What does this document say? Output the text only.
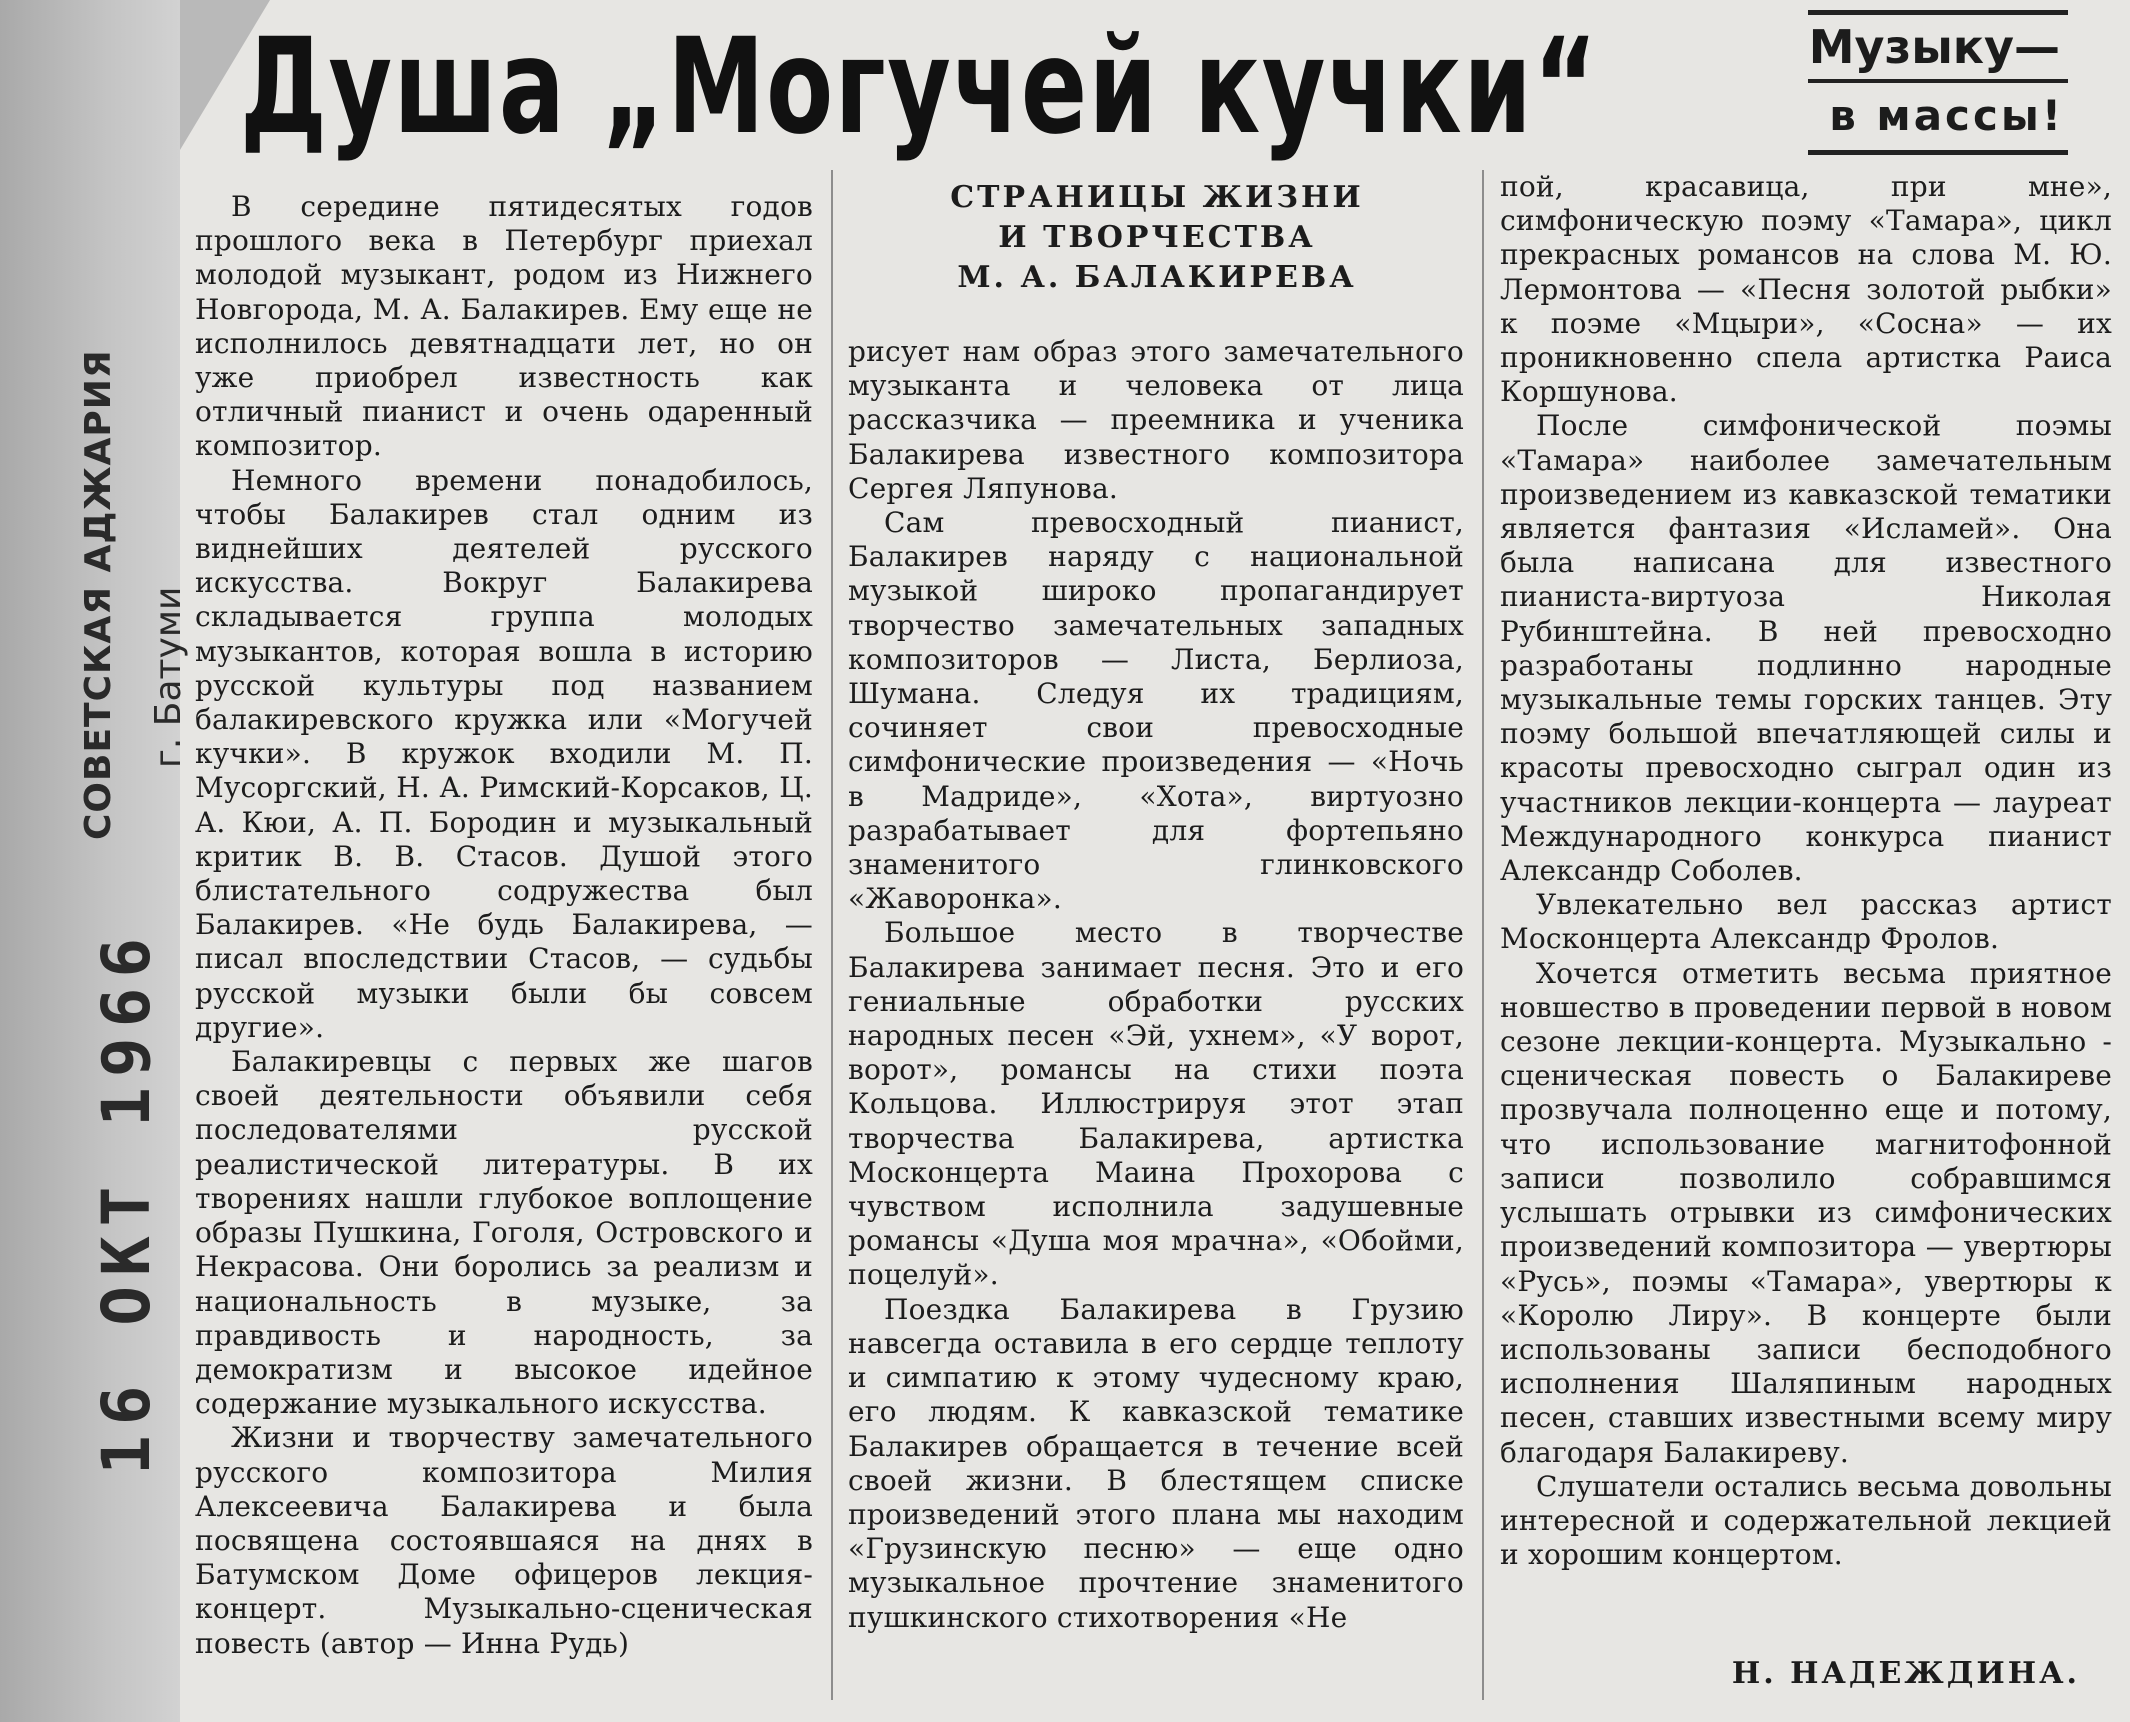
16 ОКТ 1966
СОВЕТСКАЯ АДЖАРИЯ г. Батуми
Душа „Могучей кучки“	Музыку—
в массы!
СТРАНИЦЫ ЖИЗНИ
И ТВОРЧЕСТВА
М. А. БАЛАКИРЕВА

В середине пятидесятых годов прошлого века в Петербург приехал молодой музыкант, родом из Нижнего Новгорода, М. А. Балакирев. Ему еще не исполнилось девятнадцати лет, но он уже приобрел известность как отличный пианист и очень одаренный композитор.

Немного времени понадобилось, чтобы Балакирев стал одним из виднейших деятелей русского искусства. Вокруг Балакирева складывается группа молодых музыкантов, которая вошла в историю русской культуры под названием балакиревского кружка или «Могучей кучки». В кружок входили М. П. Мусоргский, Н. А. Римский-Корсаков, Ц. А. Кюи, А. П. Бородин и музыкальный критик В. В. Стасов. Душой этого блистательного содружества был Балакирев. «Не будь Балакирева, — писал впоследствии Стасов, — судьбы русской музыки были бы совсем другие».

Балакиревцы с первых же шагов своей деятельности объявили себя последователями русской реалистической литературы. В их творениях нашли глубокое воплощение образы Пушкина, Гоголя, Островского и Некрасова. Они боролись за реализм и национальность в музыке, за правдивость и народность, за демократизм и высокое идейное содержание музыкального искусства.

Жизни и творчеству замечательного русского композитора Милия Алексеевича Балакирева и была посвящена состоявшаяся на днях в Батумском Доме офицеров лекция-концерт. Музыкально-сценическая повесть (автор — Инна Рудь)

рисует нам образ этого замечательного музыканта и человека от лица рассказчика — преемника и ученика Балакирева известного композитора Сергея Ляпунова.

Сам превосходный пианист, Балакирев наряду с национальной музыкой широко пропагандирует творчество замечательных западных композиторов — Листа, Берлиоза, Шумана. Следуя их традициям, сочиняет свои превосходные симфонические произведения — «Ночь в Мадриде», «Хота», виртуозно разрабатывает для фортепьяно знаменитого глинковского «Жаворонка».

Большое место в творчестве Балакирева занимает песня. Это и его гениальные обработки русских народных песен «Эй, ухнем», «У ворот, ворот», романсы на стихи поэта Кольцова. Иллюстрируя этот этап творчества Балакирева, артистка Москонцерта Маина Прохорова с чувством исполнила задушевные романсы «Душа моя мрачна», «Обойми, поцелуй».

Поездка Балакирева в Грузию навсегда оставила в его сердце теплоту и симпатию к этому чудесному краю, его людям. К кавказской тематике Балакирев обращается в течение всей своей жизни. В блестящем списке произведений этого плана мы находим «Грузинскую песню» — еще одно музыкальное прочтение знаменитого пушкинского стихотворения «Не

пой, красавица, при мне», симфоническую поэму «Тамара», цикл прекрасных романсов на слова М. Ю. Лермонтова — «Песня золотой рыбки» к поэме «Мцыри», «Сосна» — их проникновенно спела артистка Раиса Коршунова.

После симфонической поэмы «Тамара» наиболее замечательным произведением из кавказской тематики является фантазия «Исламей». Она была написана для известного пианиста-виртуоза Николая Рубинштейна. В ней превосходно разработаны подлинно народные музыкальные темы горских танцев. Эту поэму большой впечатляющей силы и красоты превосходно сыграл один из участников лекции-концерта — лауреат Международного конкурса пианист Александр Соболев.

Увлекательно вел рассказ артист Москонцерта Александр Фролов.

Хочется отметить весьма приятное новшество в проведении первой в новом сезоне лекции-концерта. Музыкально - сценическая повесть о Балакиреве прозвучала полноценно еще и потому, что использование магнитофонной записи позволило собравшимся услышать отрывки из симфонических произведений композитора — увертюры «Русь», поэмы «Тамара», увертюры к «Королю Лиру». В концерте были использованы записи бесподобного исполнения Шаляпиным народных песен, ставших известными всему миру благодаря Балакиреву.

Слушатели остались весьма довольны интересной и содержательной лекцией и хорошим концертом.

Н. НАДЕЖДИНА.
